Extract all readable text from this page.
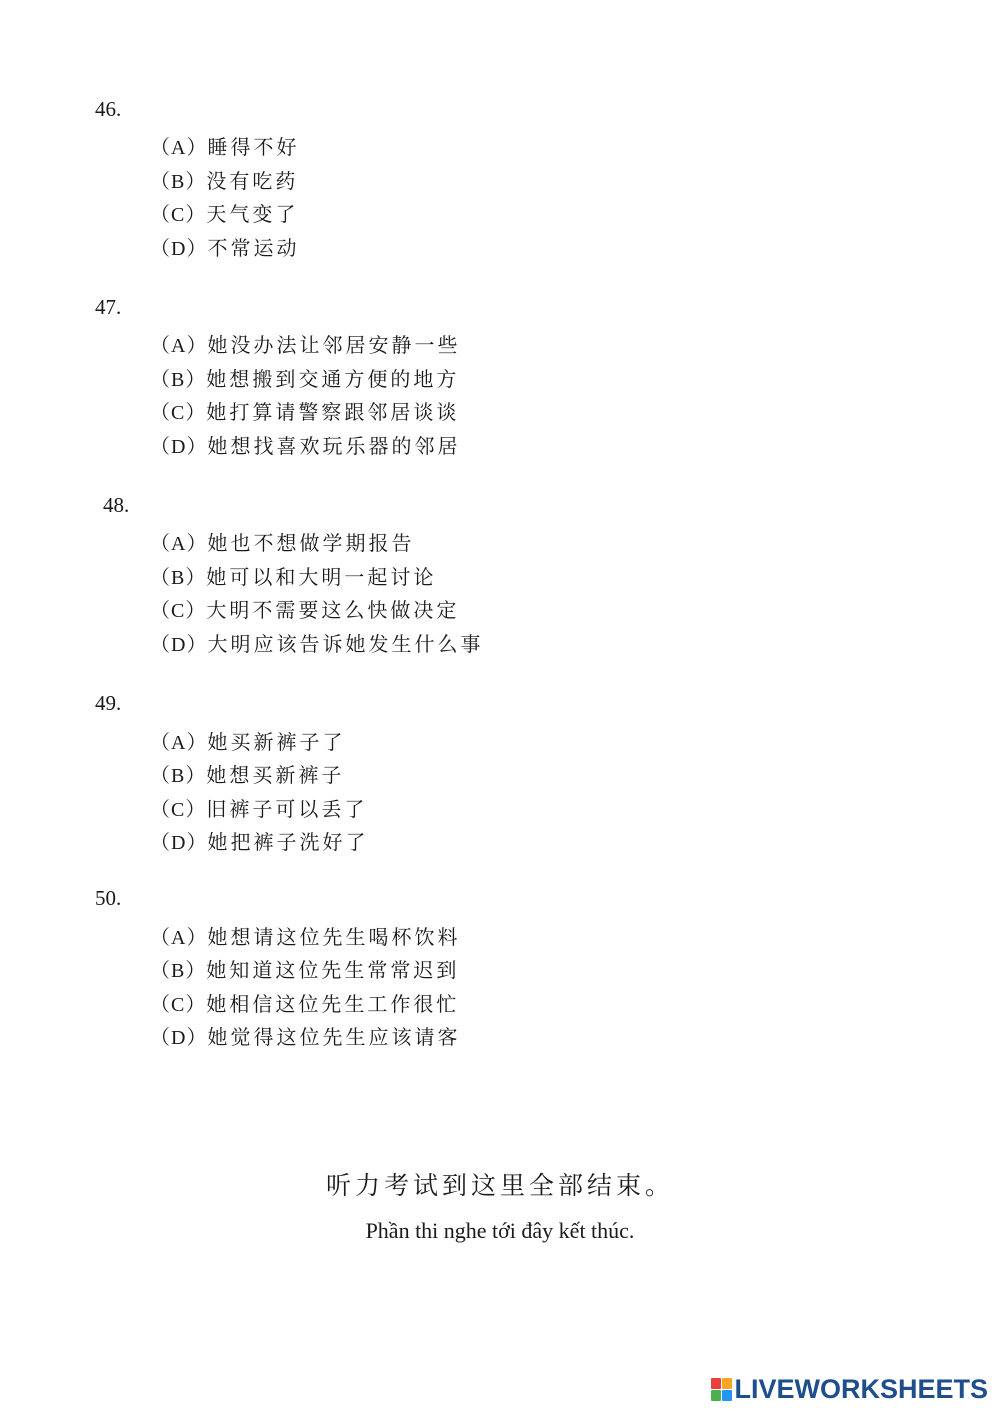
46.
（A）睡得不好
（B）没有吃药
（C）天气变了
（D）不常运动
47.
（A）她没办法让邻居安静一些
（B）她想搬到交通方便的地方
（C）她打算请警察跟邻居谈谈
（D）她想找喜欢玩乐器的邻居
48.
（A）她也不想做学期报告
（B）她可以和大明一起讨论
（C）大明不需要这么快做决定
（D）大明应该告诉她发生什么事
49.
（A）她买新裤子了
（B）她想买新裤子
（C）旧裤子可以丢了
（D）她把裤子洗好了
50.
（A）她想请这位先生喝杯饮料
（B）她知道这位先生常常迟到
（C）她相信这位先生工作很忙
（D）她觉得这位先生应该请客
听力考试到这里全部结束。
Phần thi nghe tới đây kết thúc.
LIVEWORKSHEETS
